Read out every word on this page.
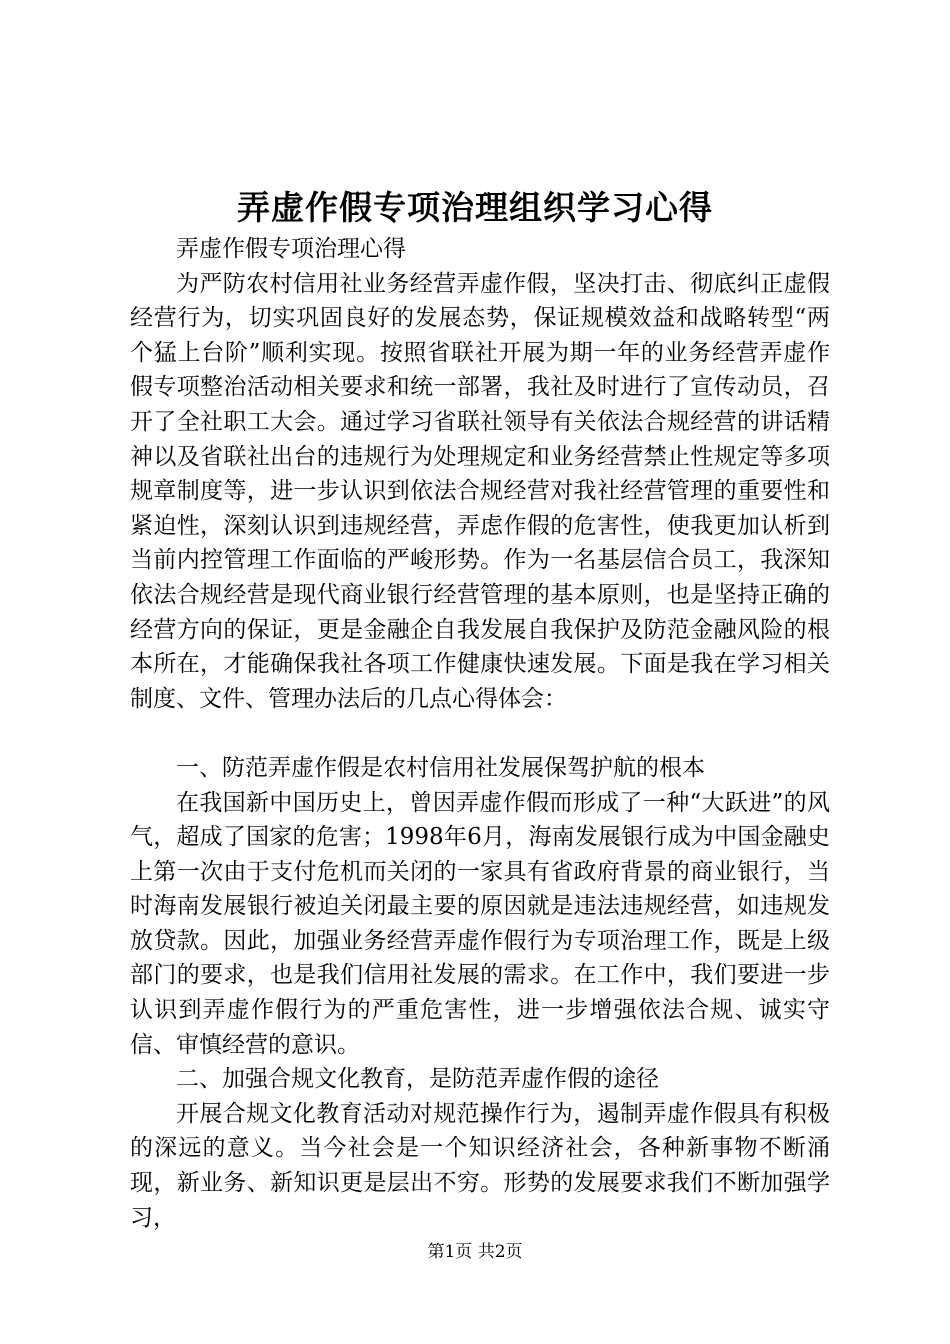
弄虚作假专项治理组织学习心得

弄虚作假专项治理心得

为严防农村信用社业务经营弄虚作假，坚决打击、彻底纠正虚假经营行为，切实巩固良好的发展态势，保证规模效益和战略转型“两个猛上台阶”顺利实现。按照省联社开展为期一年的业务经营弄虚作假专项整治活动相关要求和统一部署，我社及时进行了宣传动员，召开了全社职工大会。通过学习省联社领导有关依法合规经营的讲话精神以及省联社出台的违规行为处理规定和业务经营禁止性规定等多项规章制度等，进一步认识到依法合规经营对我社经营管理的重要性和紧迫性，深刻认识到违规经营，弄虑作假的危害性，使我更加认析到当前内控管理工作面临的严峻形势。作为一名基层信合员工，我深知依法合规经营是现代商业银行经营管理的基本原则，也是坚持正确的经营方向的保证，更是金融企自我发展自我保护及防范金融风险的根本所在，才能确保我社各项工作健康快速发展。下面是我在学习相关制度、文件、管理办法后的几点心得体会：

一、防范弄虚作假是农村信用社发展保驾护航的根本

在我国新中国历史上，曾因弄虚作假而形成了一种“大跃进”的风气，超成了国家的危害；1998年6月，海南发展银行成为中国金融史上第一次由于支付危机而关闭的一家具有省政府背景的商业银行，当时海南发展银行被迫关闭最主要的原因就是违法违规经营，如违规发放贷款。因此，加强业务经营弄虚作假行为专项治理工作，既是上级部门的要求，也是我们信用社发展的需求。在工作中，我们要进一步认识到弄虚作假行为的严重危害性，进一步增强依法合规、诚实守信、审慎经营的意识。

二、加强合规文化教育，是防范弄虚作假的途径

开展合规文化教育活动对规范操作行为，遏制弄虚作假具有积极的深远的意义。当今社会是一个知识经济社会，各种新事物不断涌现，新业务、新知识更是层出不穷。形势的发展要求我们不断加强学习，

第1页 共2页
